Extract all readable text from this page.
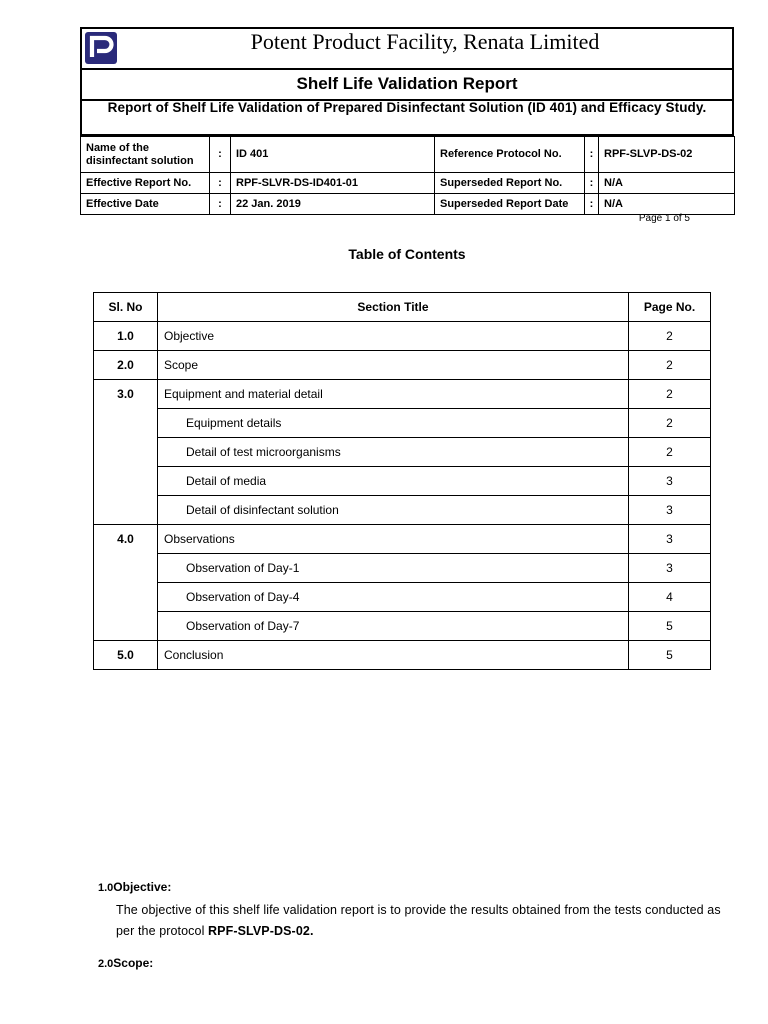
Potent Product Facility, Renata Limited
Shelf Life Validation Report
Report of Shelf Life Validation of Prepared Disinfectant Solution (ID 401) and Efficacy Study.
Name of the disinfectant solution	:	ID 401	Reference Protocol No.	:	RPF-SLVP-DS-02
Effective Report No.	:	RPF-SLVR-DS-ID401-01	Superseded Report No.	:	N/A
Effective Date	:	22 Jan. 2019	Superseded Report Date	:	N/A
Page 1 of 5
Table of Contents
Sl. No	Section Title	Page No.
1.0	Objective	2
2.0	Scope	2
3.0	Equipment and material detail	2
	Equipment details	2
	Detail of test microorganisms	2
	Detail of media	3
	Detail of disinfectant solution	3
4.0	Observations	3
	Observation of Day-1	3
	Observation of Day-4	4
	Observation of Day-7	5
5.0	Conclusion	5
1.0Objective:
The objective of this shelf life validation report is to provide the results obtained from the tests conducted as per the protocol RPF-SLVP-DS-02.
2.0Scope:
